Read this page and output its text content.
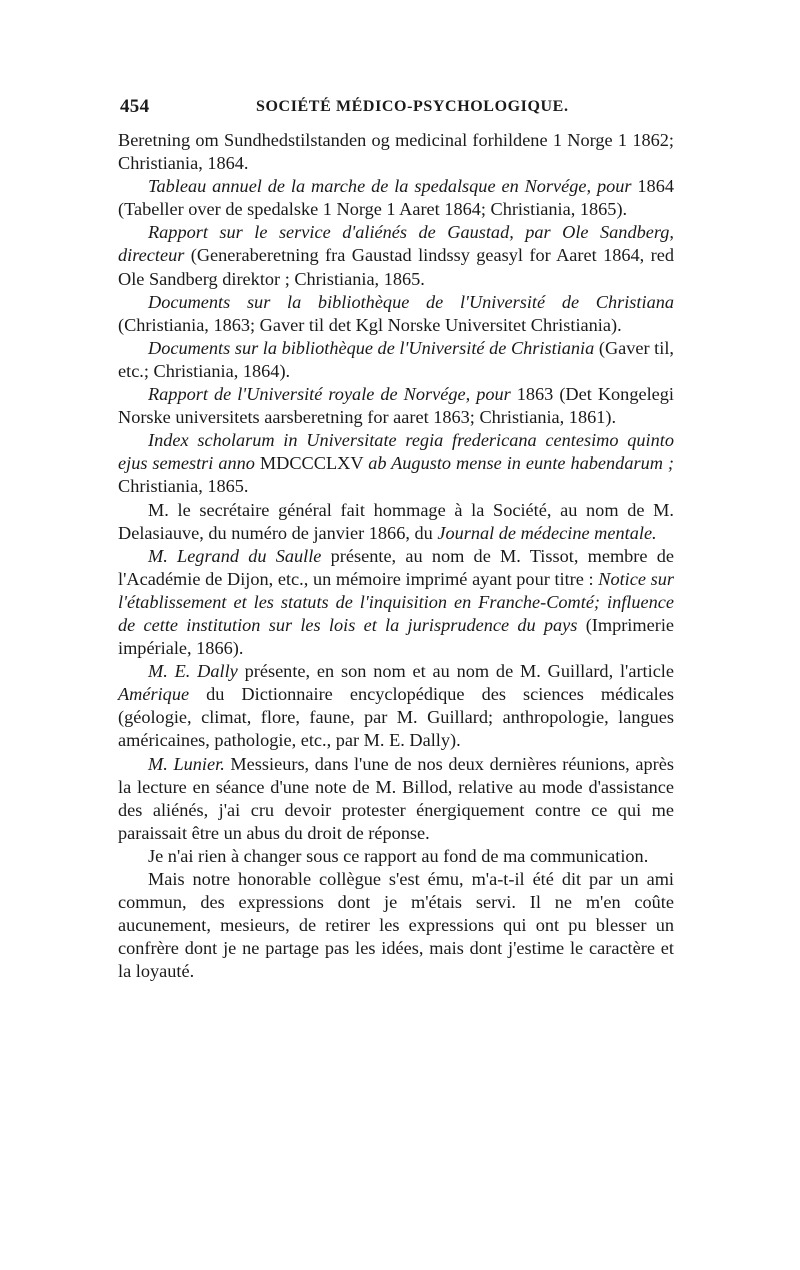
454	SOCIÉTÉ MÉDICO-PSYCHOLOGIQUE.

Beretning om Sundhedstilstanden og medicinal forhildene 1 Norge 1 1862; Christiania, 1864.

Tableau annuel de la marche de la spedalsque en Norvége, pour 1864 (Tabeller over de spedalske 1 Norge 1 Aaret 1864; Christiania, 1865).

Rapport sur le service d'aliénés de Gaustad, par Ole Sandberg, directeur (Generaberetning fra Gaustad lindssy geasyl for Aaret 1864, red Ole Sandberg direktor ; Christiania, 1865.

Documents sur la bibliothèque de l'Université de Christiana (Christiania, 1863; Gaver til det Kgl Norske Universitet Christiania).

Documents sur la bibliothèque de l'Université de Christiania (Gaver til, etc.; Christiania, 1864).

Rapport de l'Université royale de Norvége, pour 1863 (Det Kongelegi Norske universitets aarsberetning for aaret 1863; Christiania, 1861).

Index scholarum in Universitate regia fredericana centesimo quinto ejus semestri anno MDCCCLXV ab Augusto mense in eunte habendarum ; Christiania, 1865.

M. le secrétaire général fait hommage à la Société, au nom de M. Delasiauve, du numéro de janvier 1866, du Journal de médecine mentale.

M. Legrand du Saulle présente, au nom de M. Tissot, membre de l'Académie de Dijon, etc., un mémoire imprimé ayant pour titre : Notice sur l'établissement et les statuts de l'inquisition en Franche-Comté; influence de cette institution sur les lois et la jurisprudence du pays (Imprimerie impériale, 1866).

M. E. Dally présente, en son nom et au nom de M. Guillard, l'article Amérique du Dictionnaire encyclopédique des sciences médicales (géologie, climat, flore, faune, par M. Guillard; anthropologie, langues américaines, pathologie, etc., par M. E. Dally).

M. Lunier. Messieurs, dans l'une de nos deux dernières réunions, après la lecture en séance d'une note de M. Billod, relative au mode d'assistance des aliénés, j'ai cru devoir protester énergiquement contre ce qui me paraissait être un abus du droit de réponse.

Je n'ai rien à changer sous ce rapport au fond de ma communication.

Mais notre honorable collègue s'est ému, m'a-t-il été dit par un ami commun, des expressions dont je m'étais servi. Il ne m'en coûte aucunement, mesieurs, de retirer les expressions qui ont pu blesser un confrère dont je ne partage pas les idées, mais dont j'estime le caractère et la loyauté.
